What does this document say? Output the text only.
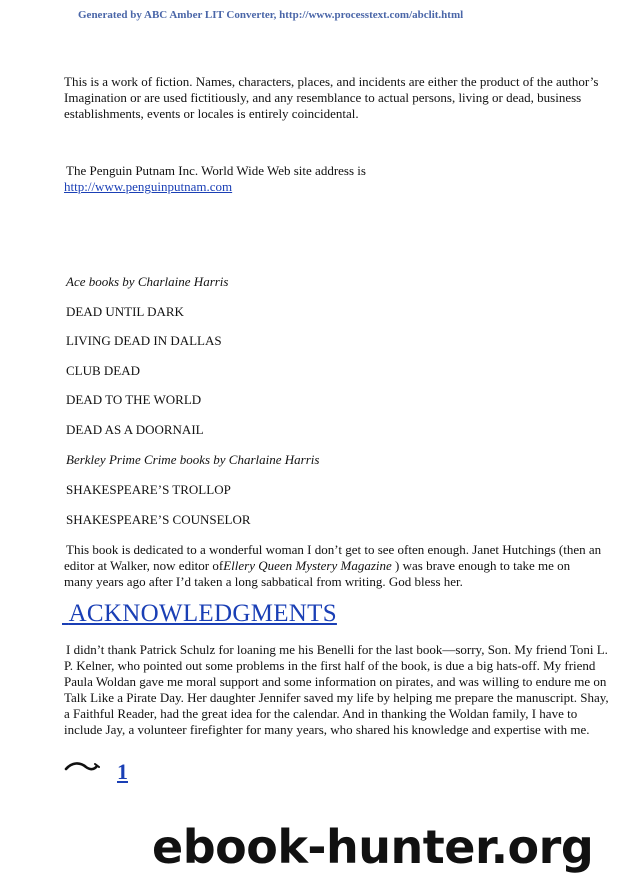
Generated by ABC Amber LIT Converter, http://www.processtext.com/abclit.html
This is a work of fiction. Names, characters, places, and incidents are either the product of the author’s
Imagination or are used fictitiously, and any resemblance to actual persons, living or dead, business
establishments, events or locales is entirely coincidental.
The Penguin Putnam Inc. World Wide Web site address is
http://www.penguinputnam.com
Ace books by Charlaine Harris
DEAD UNTIL DARK
LIVING DEAD IN DALLAS
CLUB DEAD
DEAD TO THE WORLD
DEAD AS A DOORNAIL
Berkley Prime Crime books by Charlaine Harris
SHAKESPEARE’S TROLLOP
SHAKESPEARE’S COUNSELOR
This book is dedicated to a wonderful woman I don’t get to see often enough. Janet Hutchings (then an
editor at Walker, now editor ofEllery Queen Mystery Magazine ) was brave enough to take me on
many years ago after I’d taken a long sabbatical from writing. God bless her.
ACKNOWLEDGMENTS
I didn’t thank Patrick Schulz for loaning me his Benelli for the last book—sorry, Son. My friend Toni L.
P. Kelner, who pointed out some problems in the first half of the book, is due a big hats-off. My friend
Paula Woldan gave me moral support and some information on pirates, and was willing to endure me on
Talk Like a Pirate Day. Her daughter Jennifer saved my life by helping me prepare the manuscript. Shay,
a Faithful Reader, had the great idea for the calendar. And in thanking the Woldan family, I have to
include Jay, a volunteer firefighter for many years, who shared his knowledge and expertise with me.
1
ebook-hunter.org
